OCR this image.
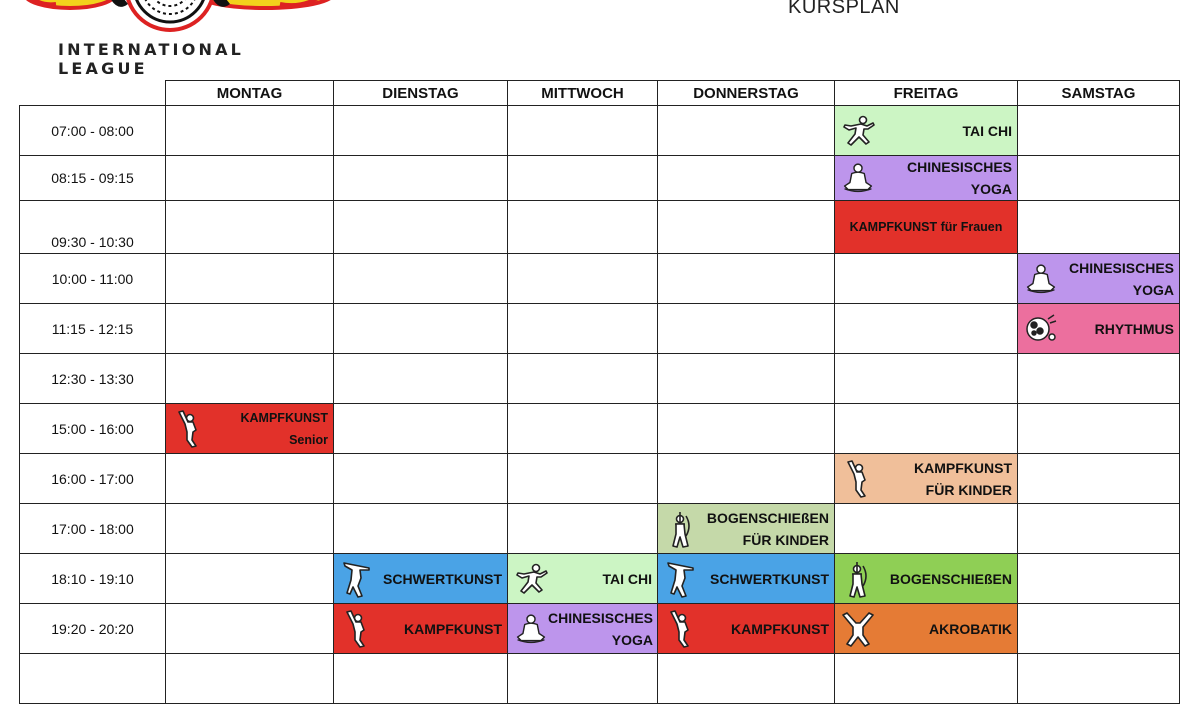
INTERNATIONAL LEAGUE
KURSPLAN
	MONTAG	DIENSTAG	MITTWOCH	DONNERSTAG	FREITAG	SAMSTAG
07:00 - 08:00					TAI CHI	

08:15 - 09:15					CHINESISCHES
YOGA	

09:30 - 10:30					KAMPFKUNST für Frauen	

10:00 - 11:00						CHINESISCHES
YOGA

11:15 - 12:15						RHYTHMUS

12:30 - 13:30						
15:00 - 16:00	KAMPFKUNST Senior					

16:00 - 17:00					KAMPFKUNST
FÜR KINDER	

17:00 - 18:00				BOGENSCHIEßEN
FÜR KINDER		

18:10 - 19:10		SCHWERTKUNST	TAI CHI	SCHWERTKUNST	BOGENSCHIEßEN	

19:20 - 20:20		KAMPFKUNST	CHINESISCHES
YOGA	KAMPFKUNST	AKROBATIK	
